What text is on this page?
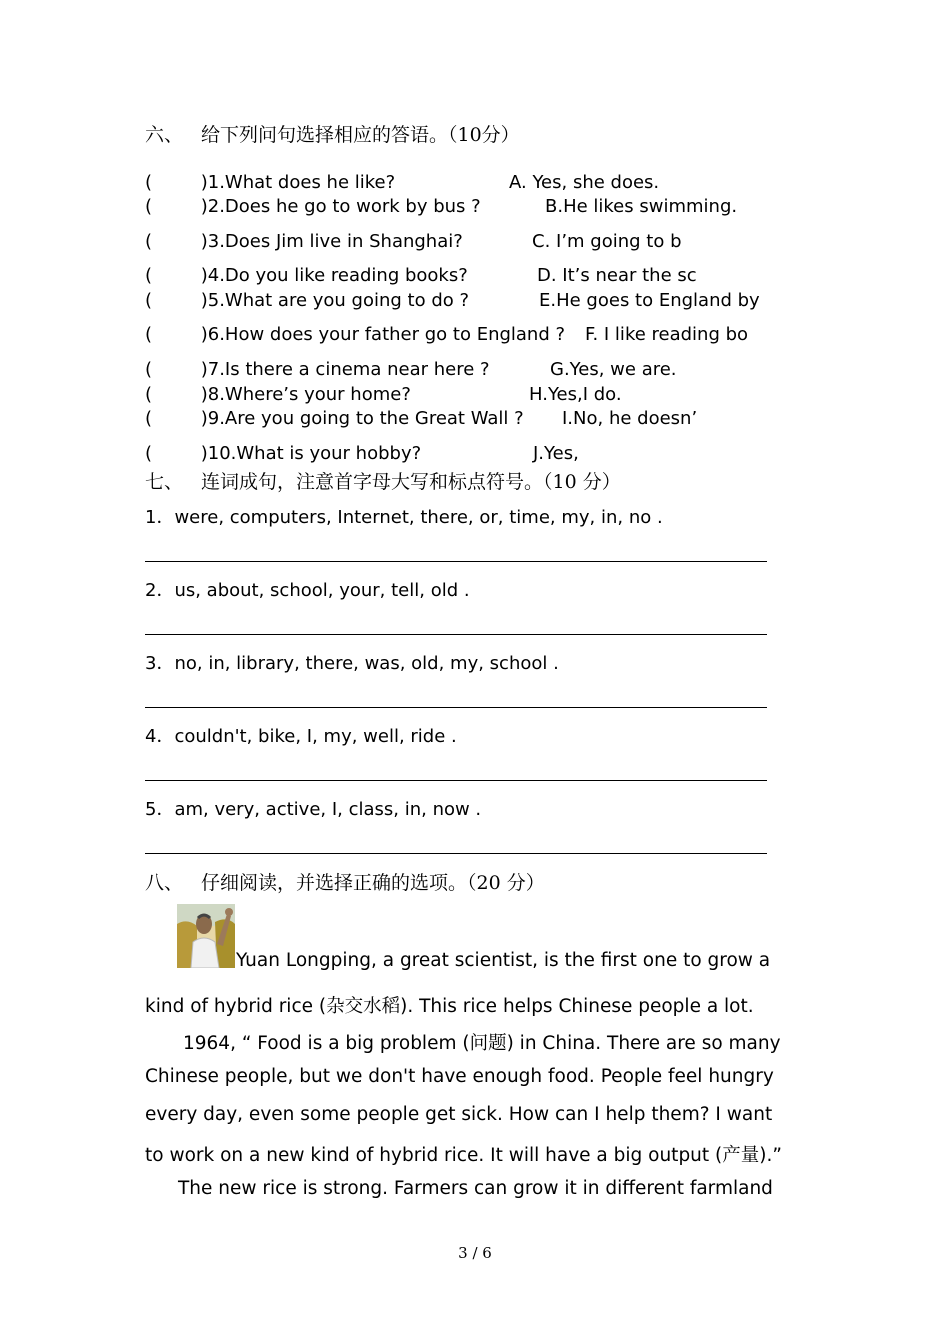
六、 给下列问句选择相应的答语。（10分）
( )1.What does he like?	A. Yes, she does.
( )2.Does he go to work by bus ?	B.He likes swimming.
( )3.Does Jim live in Shanghai?	C. I’m going to b
( )4.Do you like reading books?	D. It’s near the sc
( )5.What are you going to do ?	E.He goes to England by
( )6.How does your father go to England ? F. I like reading bo
( )7.Is there a cinema near here ?	G.Yes, we are.
( )8.Where’s your home?	H.Yes,I do.
( )9.Are you going to the Great Wall ? I.No, he doesn’
( )10.What is your hobby?	J.Yes,
七、 连词成句，注意首字母大写和标点符号。（10 分）
1．were, computers, Internet, there, or, time, my, in, no .
2．us, about, school, your, tell, old .
3．no, in, library, there, was, old, my, school .
4．couldn't, bike, I, my, well, ride .
5．am, very, active, I, class, in, now .
八、 仔细阅读，并选择正确的选项。（20 分）
Yuan Longping, a great scientist, is the first one to grow a
kind of hybrid rice (杂交水稻). This rice helps Chinese people a lot.
1964, “ Food is a big problem (问题) in China. There are so many
Chinese people, but we don't have enough food. People feel hungry
every day, even some people get sick. How can I help them? I want
to work on a new kind of hybrid rice. It will have a big output (产量).”
The new rice is strong. Farmers can grow it in different farmland
3 / 6
